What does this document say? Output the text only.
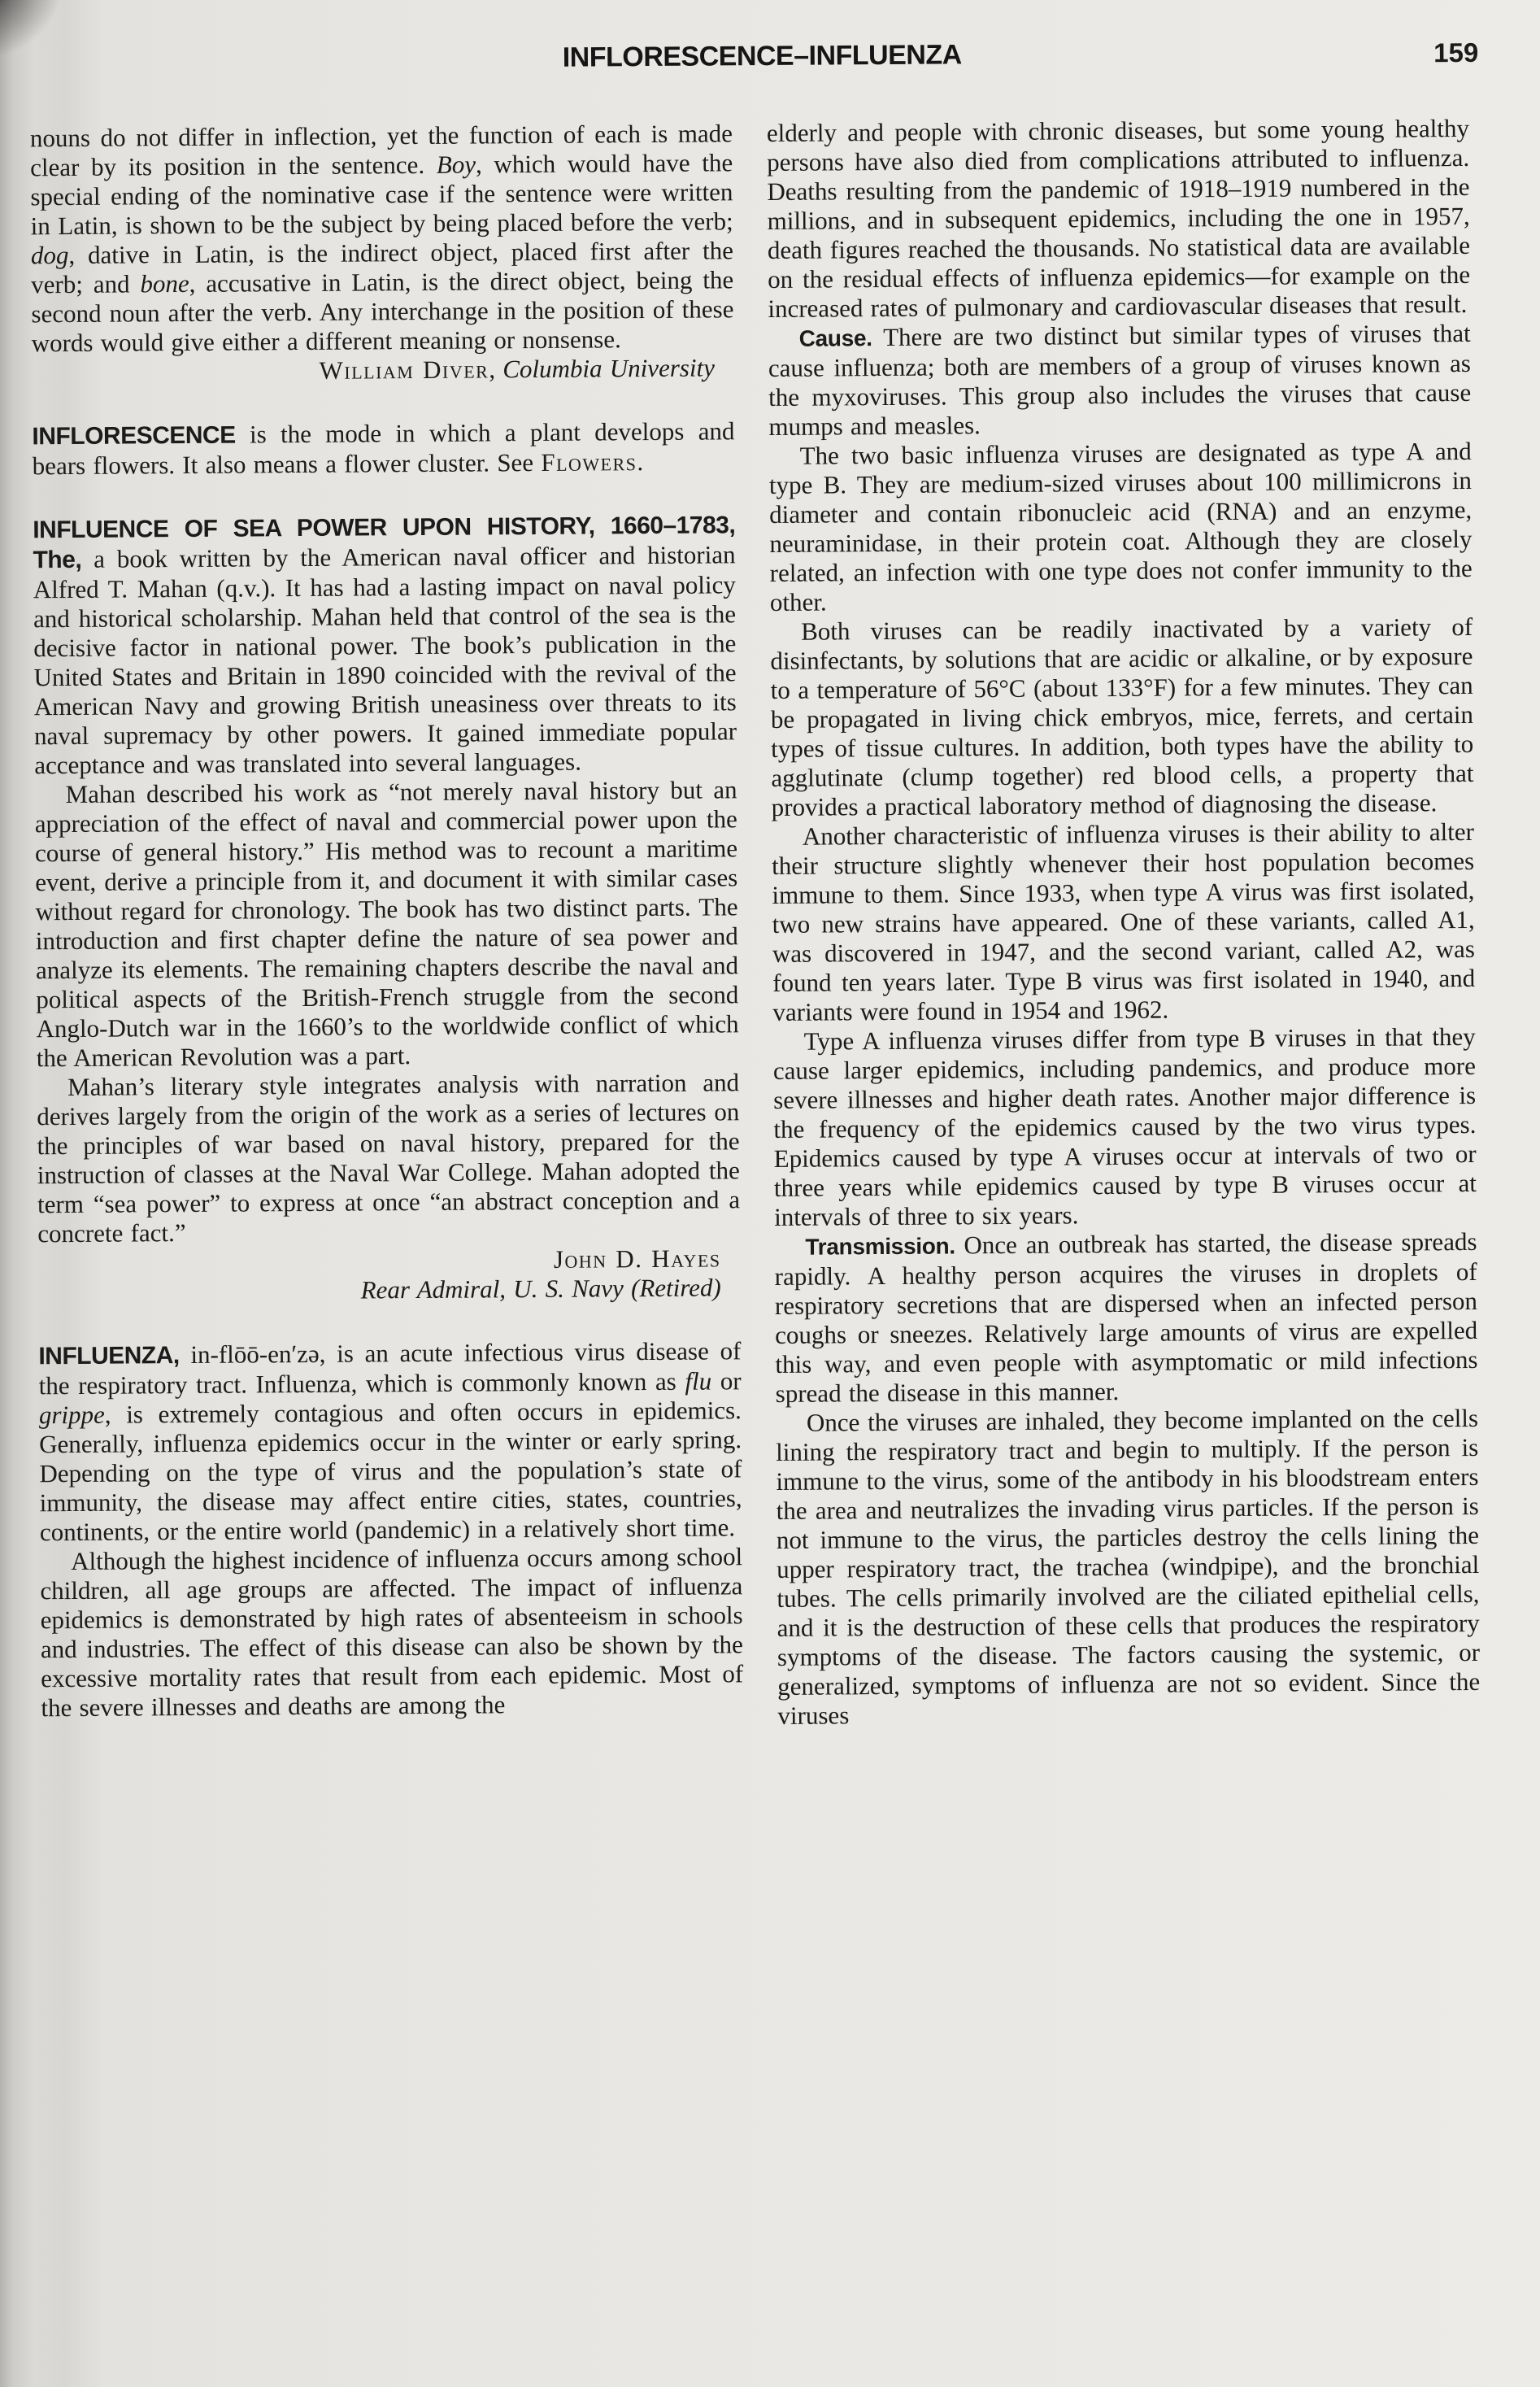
INFLORESCENCE–INFLUENZA	159

nouns do not differ in inflection, yet the function of each is made clear by its position in the sentence. Boy, which would have the special ending of the nominative case if the sentence were written in Latin, is shown to be the subject by being placed before the verb; dog, dative in Latin, is the indirect object, placed first after the verb; and bone, accusative in Latin, is the direct object, being the second noun after the verb. Any interchange in the position of these words would give either a different meaning or nonsense.

William Diver, Columbia University

INFLORESCENCE is the mode in which a plant develops and bears flowers. It also means a flower cluster. See Flowers.

INFLUENCE OF SEA POWER UPON HISTORY, 1660–1783, The, a book written by the American naval officer and historian Alfred T. Mahan (q.v.). It has had a lasting impact on naval policy and historical scholarship. Mahan held that control of the sea is the decisive factor in national power. The book’s publication in the United States and Britain in 1890 coincided with the revival of the American Navy and growing British uneasiness over threats to its naval supremacy by other powers. It gained immediate popular acceptance and was translated into several languages.

Mahan described his work as “not merely naval history but an appreciation of the effect of naval and commercial power upon the course of general history.” His method was to recount a maritime event, derive a principle from it, and document it with similar cases without regard for chronology. The book has two distinct parts. The introduction and first chapter define the nature of sea power and analyze its elements. The remaining chapters describe the naval and political aspects of the British-French struggle from the second Anglo-Dutch war in the 1660’s to the worldwide conflict of which the American Revolution was a part.

Mahan’s literary style integrates analysis with narration and derives largely from the origin of the work as a series of lectures on the principles of war based on naval history, prepared for the instruction of classes at the Naval War College. Mahan adopted the term “sea power” to express at once “an abstract conception and a concrete fact.”

John D. Hayes

Rear Admiral, U. S. Navy (Retired)

INFLUENZA, in-flōō-en′zə, is an acute infectious virus disease of the respiratory tract. Influenza, which is commonly known as flu or grippe, is extremely contagious and often occurs in epidemics. Generally, influenza epidemics occur in the winter or early spring. Depending on the type of virus and the population’s state of immunity, the disease may affect entire cities, states, countries, continents, or the entire world (pandemic) in a relatively short time.

Although the highest incidence of influenza occurs among school children, all age groups are affected. The impact of influenza epidemics is demonstrated by high rates of absenteeism in schools and industries. The effect of this disease can also be shown by the excessive mortality rates that result from each epidemic. Most of the severe illnesses and deaths are among the

elderly and people with chronic diseases, but some young healthy persons have also died from complications attributed to influenza. Deaths resulting from the pandemic of 1918–1919 numbered in the millions, and in subsequent epidemics, including the one in 1957, death figures reached the thousands. No statistical data are available on the residual effects of influenza epidemics—for example on the increased rates of pulmonary and cardiovascular diseases that result.

Cause. There are two distinct but similar types of viruses that cause influenza; both are members of a group of viruses known as the myxoviruses. This group also includes the viruses that cause mumps and measles.

The two basic influenza viruses are designated as type A and type B. They are medium-sized viruses about 100 millimicrons in diameter and contain ribonucleic acid (RNA) and an enzyme, neuraminidase, in their protein coat. Although they are closely related, an infection with one type does not confer immunity to the other.

Both viruses can be readily inactivated by a variety of disinfectants, by solutions that are acidic or alkaline, or by exposure to a temperature of 56°C (about 133°F) for a few minutes. They can be propagated in living chick embryos, mice, ferrets, and certain types of tissue cultures. In addition, both types have the ability to agglutinate (clump together) red blood cells, a property that provides a practical laboratory method of diagnosing the disease.

Another characteristic of influenza viruses is their ability to alter their structure slightly whenever their host population becomes immune to them. Since 1933, when type A virus was first isolated, two new strains have appeared. One of these variants, called A1, was discovered in 1947, and the second variant, called A2, was found ten years later. Type B virus was first isolated in 1940, and variants were found in 1954 and 1962.

Type A influenza viruses differ from type B viruses in that they cause larger epidemics, including pandemics, and produce more severe illnesses and higher death rates. Another major difference is the frequency of the epidemics caused by the two virus types. Epidemics caused by type A viruses occur at intervals of two or three years while epidemics caused by type B viruses occur at intervals of three to six years.

Transmission. Once an outbreak has started, the disease spreads rapidly. A healthy person acquires the viruses in droplets of respiratory secretions that are dispersed when an infected person coughs or sneezes. Relatively large amounts of virus are expelled this way, and even people with asymptomatic or mild infections spread the disease in this manner.

Once the viruses are inhaled, they become implanted on the cells lining the respiratory tract and begin to multiply. If the person is immune to the virus, some of the antibody in his bloodstream enters the area and neutralizes the invading virus particles. If the person is not immune to the virus, the particles destroy the cells lining the upper respiratory tract, the trachea (windpipe), and the bronchial tubes. The cells primarily involved are the ciliated epithelial cells, and it is the destruction of these cells that produces the respiratory symptoms of the disease. The factors causing the systemic, or generalized, symptoms of influenza are not so evident. Since the viruses
